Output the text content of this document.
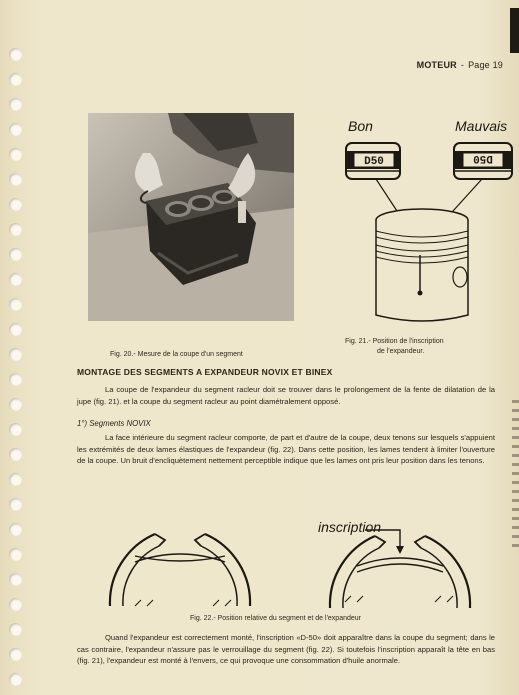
MOTEUR - Page 19
Bon	Mauvais
D50	D50
Fig. 20.- Mesure de la coupe d'un segment
Fig. 21.- Position de l'inscription
de l'expandeur.
MONTAGE DES SEGMENTS A EXPANDEUR NOVIX ET BINEX

La coupe de l'expandeur du segment racleur doit se trouver dans le prolongement de la fente de dilatation de la jupe (fig. 21). et la coupe du segment racleur au point diamétralement opposé.

1°) Segments NOVIX

La face intérieure du segment racleur comporte, de part et d'autre de la coupe, deux tenons sur lesquels s'appuient les extrémités de deux lames élastiques de l'expandeur (fig. 22). Dans cette position, les lames tendent à limiter l'ouverture de la coupe. Un bruit d'encliquètement nettement perceptible indique que les lames ont pris leur position dans les tenons.

inscription
Fig. 22.- Position relative du segment et de l'expandeur

Quand l'expandeur est correctement monté, l'inscription «D-50» doit apparaître dans la coupe du segment; dans le cas contraire, l'expandeur n'assure pas le verrouillage du segment (fig. 22). Si toutefois l'inscription apparaît la tête en bas (fig. 21), l'expandeur est monté à l'envers, ce qui provoque une consommation d'huile anormale.
